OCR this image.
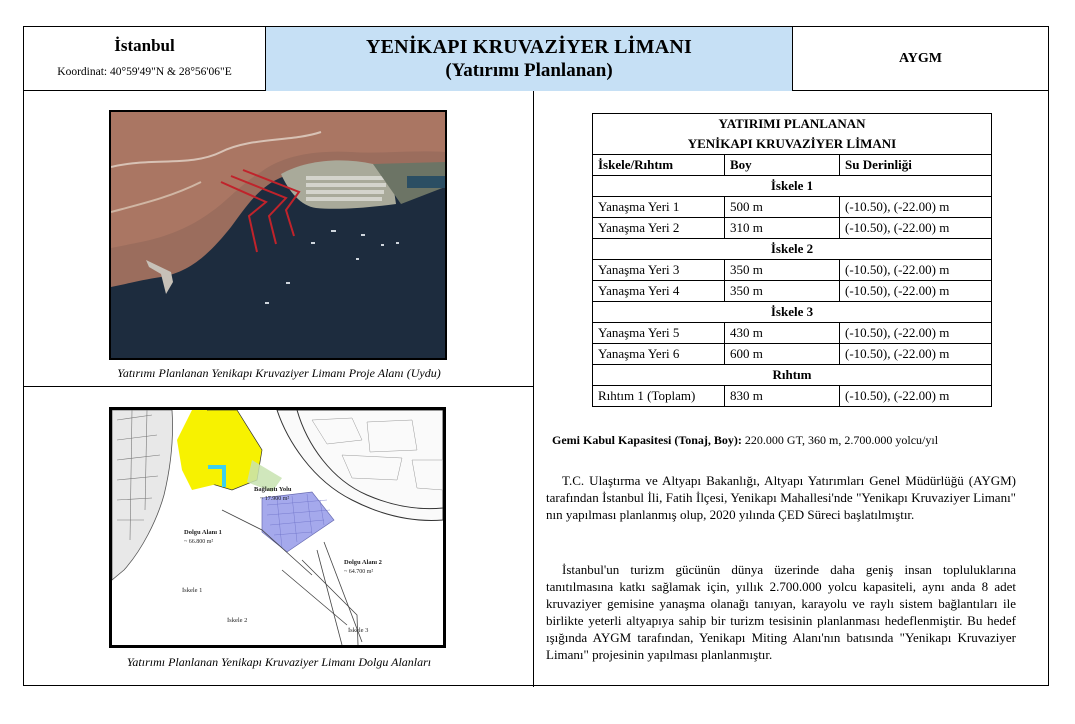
İstanbul
Koordinat: 40°59'49"N & 28°56'06"E
YENİKAPI KRUVAZİYER LİMANI
(Yatırımı Planlanan)
AYGM
Yatırımı Planlanan Yenikapı Kruvaziyer Limanı Proje Alanı (Uydu)
Bağlantı Yolu
~ 17.900 m²
Dolgu Alanı 1
~ 66.800 m²
Dolgu Alanı 2
~ 64.700 m²
İskele 1
İskele 2
İskele 3
Yatırımı Planlanan Yenikapı Kruvaziyer Limanı Dolgu Alanları
YATIRIMI PLANLANAN		
YENİKAPI KRUVAZİYER LİMANI		
İskele/Rıhtım	Boy	Su Derinliği
İskele 1		
Yanaşma Yeri 1	500 m	(-10.50), (-22.00) m
Yanaşma Yeri 2	310 m	(-10.50), (-22.00) m
İskele 2		
Yanaşma Yeri 3	350 m	(-10.50), (-22.00) m
Yanaşma Yeri 4	350 m	(-10.50), (-22.00) m
İskele 3		
Yanaşma Yeri 5	430 m	(-10.50), (-22.00) m
Yanaşma Yeri 6	600 m	(-10.50), (-22.00) m
Rıhtım		
Rıhtım 1 (Toplam)	830 m	(-10.50), (-22.00) m
Gemi Kabul Kapasitesi (Tonaj, Boy): 220.000 GT, 360 m, 2.700.000 yolcu/yıl

T.C. Ulaştırma ve Altyapı Bakanlığı, Altyapı Yatırımları Genel Müdürlüğü (AYGM) tarafından İstanbul İli, Fatih İlçesi, Yenikapı Mahallesi'nde "Yenikapı Kruvaziyer Limanı" nın yapılması planlanmış olup, 2020 yılında ÇED Süreci başlatılmıştır.

İstanbul'un turizm gücünün dünya üzerinde daha geniş insan topluluklarına tanıtılmasına katkı sağlamak için, yıllık 2.700.000 yolcu kapasiteli, aynı anda 8 adet kruvaziyer gemisine yanaşma olanağı tanıyan, karayolu ve raylı sistem bağlantıları ile birlikte yeterli altyapıya sahip bir turizm tesisinin planlanması hedeflenmiştir. Bu hedef ışığında AYGM tarafından, Yenikapı Miting Alanı'nın batısında "Yenikapı Kruvaziyer Limanı" projesinin yapılması planlanmıştır.
